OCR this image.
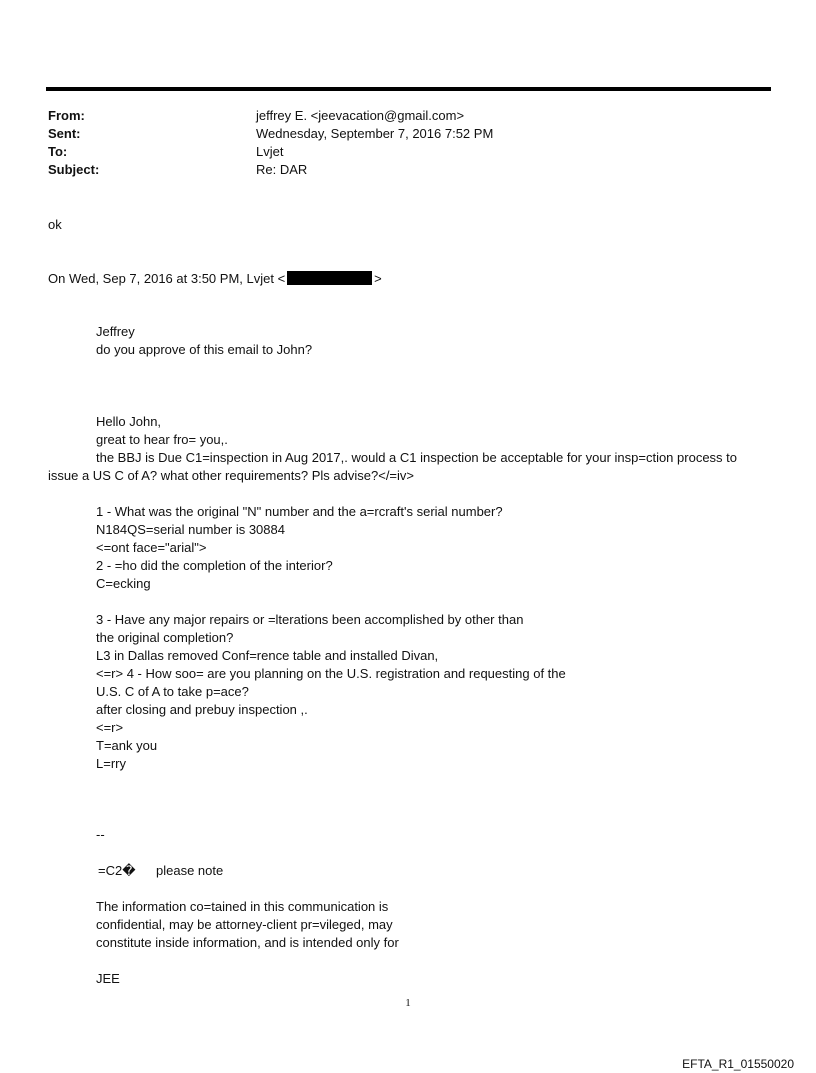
From:	jeffrey E. <jeevacation@gmail.com>
Sent:	Wednesday, September 7, 2016 7:52 PM
To:	Lvjet
Subject:	Re: DAR
ok
On Wed, Sep 7, 2016 at 3:50 PM, Lvjet <	>
Jeffrey
do you approve of this email to John?
Hello John,
great to hear fro= you,.
the BBJ is Due C1=inspection in Aug 2017,. would a C1 inspection be acceptable for your insp=ction process to
issue a US C of A? what other requirements? Pls advise?</=iv>
1 - What was the original "N" number and the a=rcraft's serial number?
N184QS=serial number is 30884
<=ont face="arial">
2 - =ho did the completion of the interior?
C=ecking
3 - Have any major repairs or =lterations been accomplished by other than
the original completion?
L3 in Dallas removed Conf=rence table and installed Divan,
<=r> 4 - How soo= are you planning on the U.S. registration and requesting of the
U.S. C of A to take p=ace?
after closing and prebuy inspection ,.
<=r>
T=ank you
L=rry
--
=C2� please note
The information co=tained in this communication is
confidential, may be attorney-client pr=vileged, may
constitute inside information, and is intended only for
JEE
1
EFTA_R1_01550020
